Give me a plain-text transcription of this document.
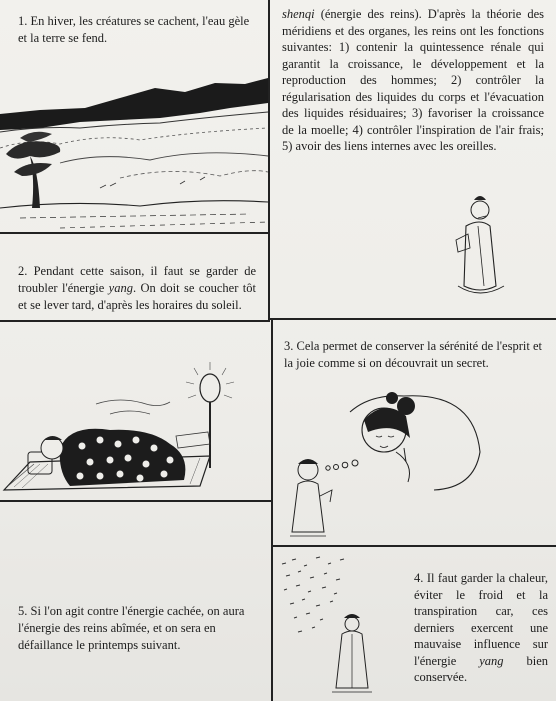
1. En hiver, les créatures se cachent, l'eau gèle et la terre se fend.

2. Pendant cette saison, il faut se garder de troubler l'énergie yang. On doit se coucher tôt et se lever tard, d'après les horaires du soleil.

5. Si l'on agit contre l'énergie cachée, on aura l'énergie des reins abîmée, et on sera en défaillance le printemps suivant.

shenqi (énergie des reins). D'après la théorie des méridiens et des organes, les reins ont les fonctions suivantes: 1) contenir la quintessence rénale qui garantit la croissance, le développement et la reproduction des hommes; 2) contrôler la régularisation des liquides du corps et l'évacuation des liquides résiduaires; 3) favoriser la croissance de la moelle; 4) contrôler l'inspiration de l'air frais; 5) avoir des liens internes avec les oreilles.

3. Cela permet de conserver la sérénité de l'esprit et la joie comme si on découvrait un secret.

4. Il faut garder la chaleur, éviter le froid et la transpiration car, ces derniers exercent une mauvaise influence sur l'énergie yang bien conservée.
